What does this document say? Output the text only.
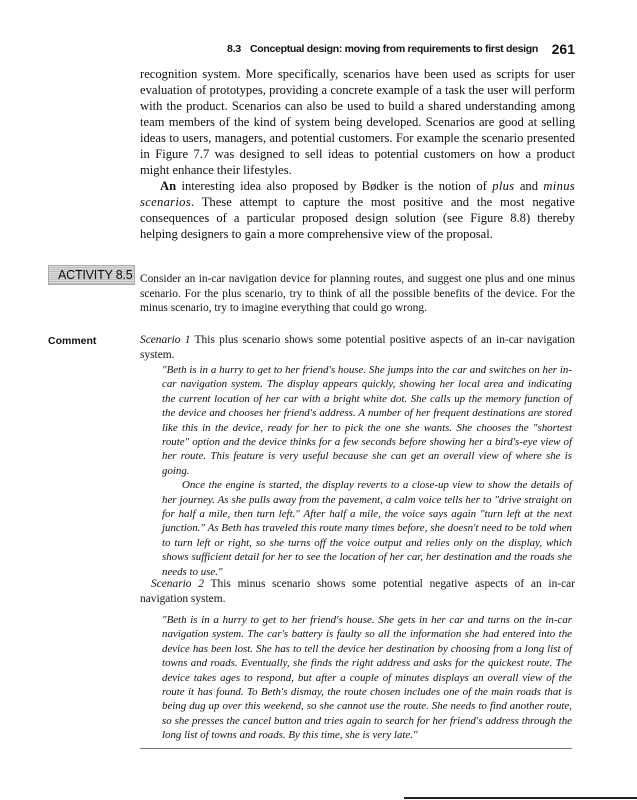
8.3 Conceptual design: moving from requirements to first design 261

recognition system. More specifically, scenarios have been used as scripts for user evaluation of prototypes, providing a concrete example of a task the user will perform with the product. Scenarios can also be used to build a shared understanding among team members of the kind of system being developed. Scenarios are good at selling ideas to users, managers, and potential customers. For example the scenario presented in Figure 7.7 was designed to sell ideas to potential customers on how a product might enhance their lifestyles.

An interesting idea also proposed by Bødker is the notion of plus and minus scenarios. These attempt to capture the most positive and the most negative consequences of a particular proposed design solution (see Figure 8.8) thereby helping designers to gain a more comprehensive view of the proposal.

ACTIVITY 8.5 Consider an in-car navigation device for planning routes, and suggest one plus and one minus scenario. For the plus scenario, try to think of all the possible benefits of the device. For the minus scenario, try to imagine everything that could go wrong.
Comment	Scenario 1 This plus scenario shows some potential positive aspects of an in-car navigation system.

"Beth is in a hurry to get to her friend's house. She jumps into the car and switches on her in-car navigation system. The display appears quickly, showing her local area and indicating the current location of her car with a bright white dot. She calls up the memory function of the device and chooses her friend's address. A number of her frequent destinations are stored like this in the device, ready for her to pick the one she wants. She chooses the "shortest route" option and the device thinks for a few seconds before showing her a bird's-eye view of her route. This feature is very useful because she can get an overall view of where she is going.

Once the engine is started, the display reverts to a close-up view to show the details of her journey. As she pulls away from the pavement, a calm voice tells her to "drive straight on for half a mile, then turn left." After half a mile, the voice says again "turn left at the next junction." As Beth has traveled this route many times before, she doesn't need to be told when to turn left or right, so she turns off the voice output and relies only on the display, which shows sufficient detail for her to see the location of her car, her destination and the roads she needs to use."

Scenario 2 This minus scenario shows some potential negative aspects of an in-car navigation system.

"Beth is in a hurry to get to her friend's house. She gets in her car and turns on the in-car navigation system. The car's battery is faulty so all the information she had entered into the device has been lost. She has to tell the device her destination by choosing from a long list of towns and roads. Eventually, she finds the right address and asks for the quickest route. The device takes ages to respond, but after a couple of minutes displays an overall view of the route it has found. To Beth's dismay, the route chosen includes one of the main roads that is being dug up over this weekend, so she cannot use the route. She needs to find another route, so she presses the cancel button and tries again to search for her friend's address through the long list of towns and roads. By this time, she is very late."
